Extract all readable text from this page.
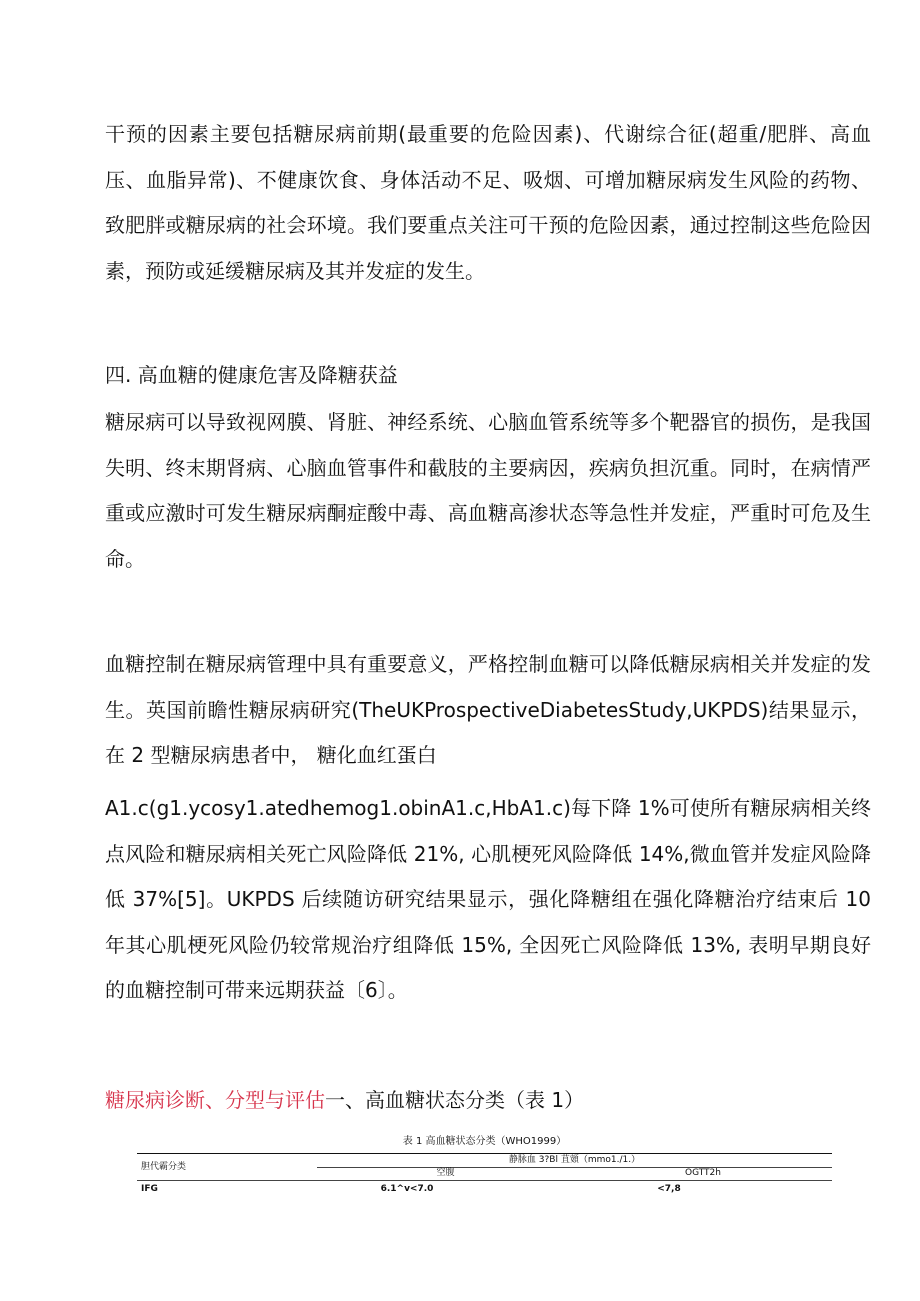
干预的因素主要包括糖尿病前期(最重要的危险因素)、代谢综合征(超重/肥胖、高血压、血脂异常)、不健康饮食、身体活动不足、吸烟、可增加糖尿病发生风险的药物、致肥胖或糖尿病的社会环境。我们要重点关注可干预的危险因素，通过控制这些危险因素，预防或延缓糖尿病及其并发症的发生。

四. 高血糖的健康危害及降糖获益

糖尿病可以导致视网膜、肾脏、神经系统、心脑血管系统等多个靶器官的损伤，是我国失明、终末期肾病、心脑血管事件和截肢的主要病因，疾病负担沉重。同时，在病情严重或应激时可发生糖尿病酮症酸中毒、高血糖高渗状态等急性并发症，严重时可危及生命。

血糖控制在糖尿病管理中具有重要意义，严格控制血糖可以降低糖尿病相关并发症的发生。英国前瞻性糖尿病研究(TheUKProspectiveDiabetesStudy,UKPDS)结果显示，在 2 型糖尿病患者中， 糖化血红蛋白

A1.c(g1.ycosy1.atedhemog1.obinA1.c,HbA1.c)每下降 1%可使所有糖尿病相关终点风险和糖尿病相关死亡风险降低 21%, 心肌梗死风险降低 14%,微血管并发症风险降低 37%[5]。UKPDS 后续随访研究结果显示，强化降糖组在强化降糖治疗结束后 10 年其心肌梗死风险仍较常规治疗组降低 15%, 全因死亡风险降低 13%, 表明早期良好的血糖控制可带来远期获益〔6〕。

糖尿病诊断、分型与评估一、高血糖状态分类（表 1）

表 1 高血糖状态分类（WHO1999）
胆代霸分类
静脉血 3?Bl 苴頞（mmo1./1.）
空腹	OGTT2h
IFG	6.1^v<7.0	<7,8
